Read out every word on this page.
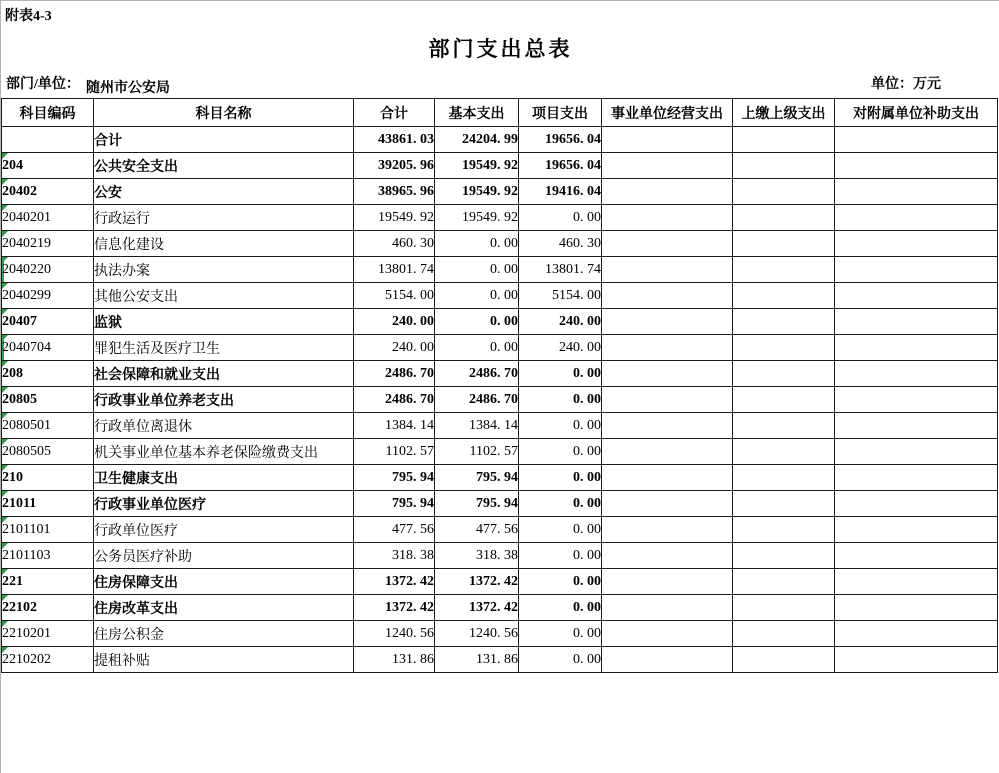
附表4-3
部门支出总表
部门/单位： 随州市公安局	单位：万元
科目编码	科目名称	合计	基本支出	项目支出	事业单位经营支出	上缴上级支出	对附属单位补助支出
	合计	43861. 03	24204. 99	19656. 04			
204	公共安全支出	39205. 96	19549. 92	19656. 04			
20402	公安	38965. 96	19549. 92	19416. 04			
2040201	行政运行	19549. 92	19549. 92	0. 00			
2040219	信息化建设	460. 30	0. 00	460. 30			
2040220	执法办案	13801. 74	0. 00	13801. 74			
2040299	其他公安支出	5154. 00	0. 00	5154. 00			
20407	监狱	240. 00	0. 00	240. 00			
2040704	罪犯生活及医疗卫生	240. 00	0. 00	240. 00			
208	社会保障和就业支出	2486. 70	2486. 70	0. 00			
20805	行政事业单位养老支出	2486. 70	2486. 70	0. 00			
2080501	行政单位离退休	1384. 14	1384. 14	0. 00			
2080505	机关事业单位基本养老保险缴费支出	1102. 57	1102. 57	0. 00			
210	卫生健康支出	795. 94	795. 94	0. 00			
21011	行政事业单位医疗	795. 94	795. 94	0. 00			
2101101	行政单位医疗	477. 56	477. 56	0. 00			
2101103	公务员医疗补助	318. 38	318. 38	0. 00			
221	住房保障支出	1372. 42	1372. 42	0. 00			
22102	住房改革支出	1372. 42	1372. 42	0. 00			
2210201	住房公积金	1240. 56	1240. 56	0. 00			
2210202	提租补贴	131. 86	131. 86	0. 00			
